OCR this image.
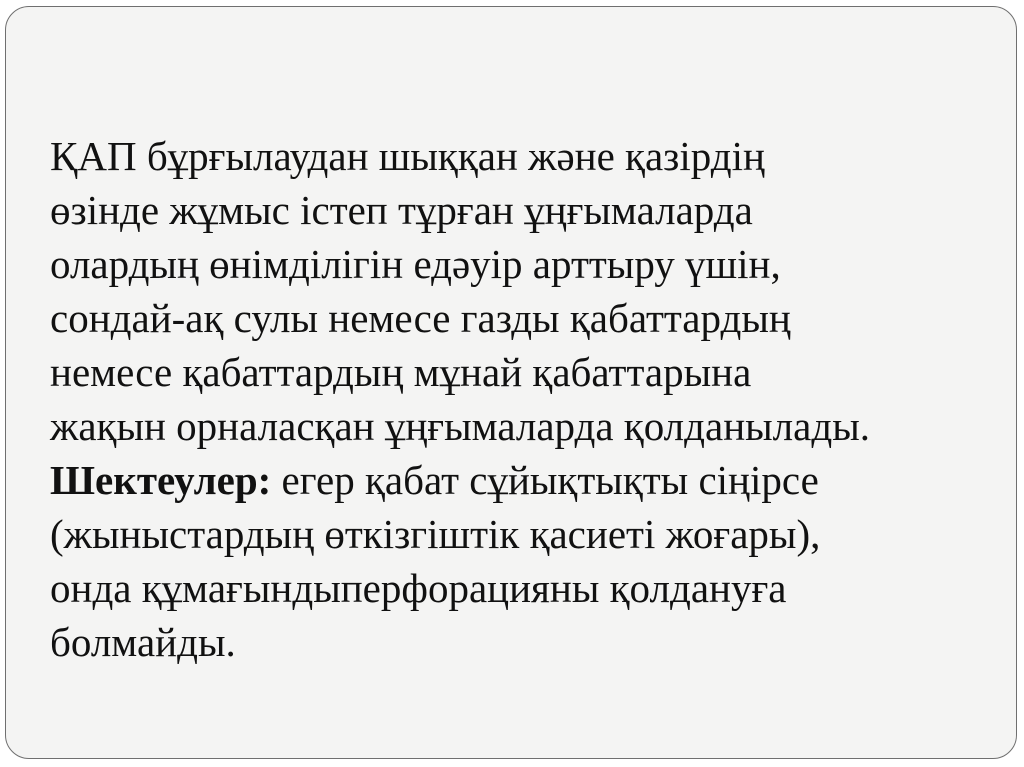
ҚАП бұрғылаудан шыққан және қазірдің
өзінде жұмыс істеп тұрған ұңғымаларда
олардың өнімділігін едәуір арттыру үшін,
сондай-ақ сулы немесе газды қабаттардың
немесе қабаттардың мұнай қабаттарына
жақын орналасқан ұңғымаларда қолданылады.
Шектеулер: егер қабат сұйықтықты сіңірсе
(жыныстардың өткізгіштік қасиеті жоғары),
онда құмағындыперфорацияны қолдануға
болмайды.
